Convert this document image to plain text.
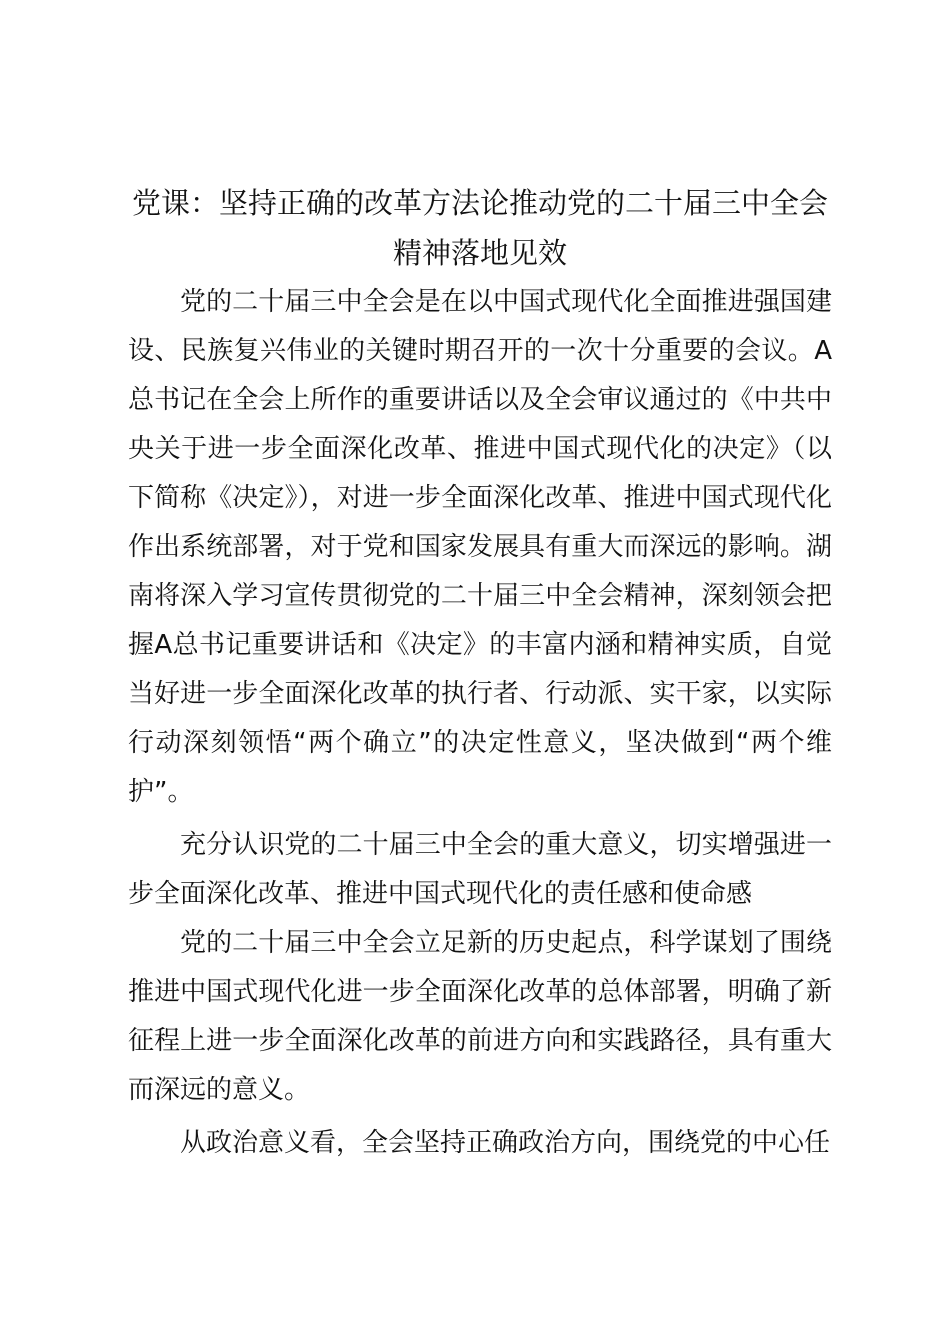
党课：坚持正确的改革方法论推动党的二十届三中全会
精神落地见效

党的二十届三中全会是在以中国式现代化全面推进强国建设、民族复兴伟业的关键时期召开的一次十分重要的会议。A总书记在全会上所作的重要讲话以及全会审议通过的《中共中央关于进一步全面深化改革、推进中国式现代化的决定》（以下简称《决定》），对进一步全面深化改革、推进中国式现代化作出系统部署，对于党和国家发展具有重大而深远的影响。湖南将深入学习宣传贯彻党的二十届三中全会精神，深刻领会把握A总书记重要讲话和《决定》的丰富内涵和精神实质，自觉当好进一步全面深化改革的执行者、行动派、实干家，以实际行动深刻领悟“两个确立”的决定性意义，坚决做到“两个维护”。

充分认识党的二十届三中全会的重大意义，切实增强进一步全面深化改革、推进中国式现代化的责任感和使命感

党的二十届三中全会立足新的历史起点，科学谋划了围绕推进中国式现代化进一步全面深化改革的总体部署，明确了新征程上进一步全面深化改革的前进方向和实践路径，具有重大而深远的意义。

从政治意义看，全会坚持正确政治方向，围绕党的中心任
